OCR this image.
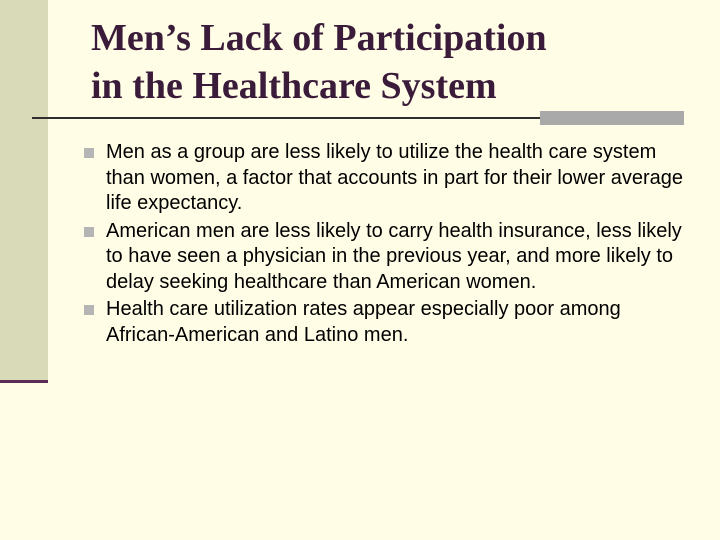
Men’s Lack of Participation
in the Healthcare System
Men as a group are less likely to utilize the health care system than women, a factor that accounts in part for their lower average life expectancy.
American men are less likely to carry health insurance, less likely to have seen a physician in the previous year, and more likely to delay seeking healthcare than American women.
Health care utilization rates appear especially poor among African-American and Latino men.
